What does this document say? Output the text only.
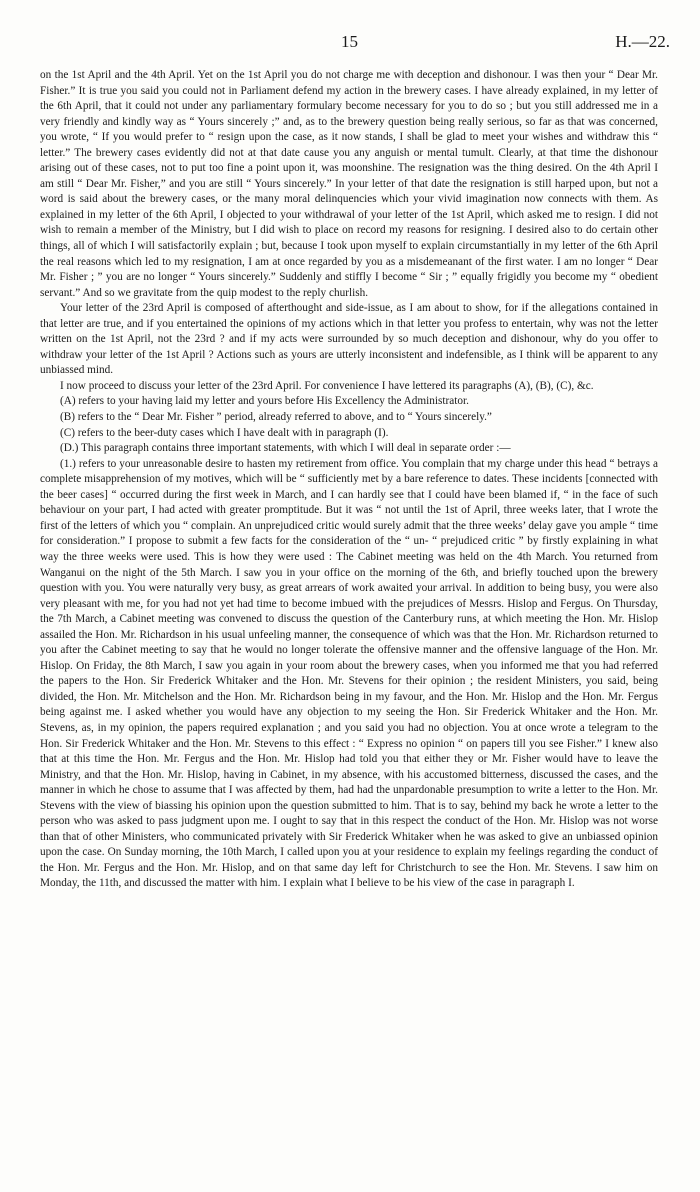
15	H.—22.

on the 1st April and the 4th April. Yet on the 1st April you do not charge me with deception and dishonour. I was then your “ Dear Mr. Fisher.” It is true you said you could not in Parliament defend my action in the brewery cases. I have already explained, in my letter of the 6th April, that it could not under any parliamentary formulary become necessary for you to do so ; but you still addressed me in a very friendly and kindly way as “ Yours sincerely ;” and, as to the brewery question being really serious, so far as that was concerned, you wrote, “ If you would prefer to “ resign upon the case, as it now stands, I shall be glad to meet your wishes and withdraw this “ letter.” The brewery cases evidently did not at that date cause you any anguish or mental tumult. Clearly, at that time the dishonour arising out of these cases, not to put too fine a point upon it, was moonshine. The resignation was the thing desired. On the 4th April I am still “ Dear Mr. Fisher,” and you are still “ Yours sincerely.” In your letter of that date the resignation is still harped upon, but not a word is said about the brewery cases, or the many moral delinquencies which your vivid imagination now connects with them. As explained in my letter of the 6th April, I objected to your withdrawal of your letter of the 1st April, which asked me to resign. I did not wish to remain a member of the Ministry, but I did wish to place on record my reasons for resigning. I desired also to do certain other things, all of which I will satisfactorily explain ; but, because I took upon myself to explain circumstantially in my letter of the 6th April the real reasons which led to my resignation, I am at once regarded by you as a misdemeanant of the first water. I am no longer “ Dear Mr. Fisher ; ” you are no longer “ Yours sincerely.” Suddenly and stiffly I become “ Sir ; ” equally frigidly you become my “ obedient servant.” And so we gravitate from the quip modest to the reply churlish.

Your letter of the 23rd April is composed of afterthought and side-issue, as I am about to show, for if the allegations contained in that letter are true, and if you entertained the opinions of my actions which in that letter you profess to entertain, why was not the letter written on the 1st April, not the 23rd ? and if my acts were surrounded by so much deception and dishonour, why do you offer to withdraw your letter of the 1st April ? Actions such as yours are utterly inconsistent and indefensible, as I think will be apparent to any unbiassed mind.

I now proceed to discuss your letter of the 23rd April. For convenience I have lettered its paragraphs (A), (B), (C), &c.

(A) refers to your having laid my letter and yours before His Excellency the Administrator.

(B) refers to the “ Dear Mr. Fisher ” period, already referred to above, and to “ Yours sincerely.”

(C) refers to the beer-duty cases which I have dealt with in paragraph (I).

(D.) This paragraph contains three important statements, with which I will deal in separate order :—

(1.) refers to your unreasonable desire to hasten my retirement from office. You complain that my charge under this head “ betrays a complete misapprehension of my motives, which will be “ sufficiently met by a bare reference to dates. These incidents [connected with the beer cases] “ occurred during the first week in March, and I can hardly see that I could have been blamed if, “ in the face of such behaviour on your part, I had acted with greater promptitude. But it was “ not until the 1st of April, three weeks later, that I wrote the first of the letters of which you “ complain. An unprejudiced critic would surely admit that the three weeks’ delay gave you ample “ time for consideration.” I propose to submit a few facts for the consideration of the “ un- “ prejudiced critic ” by firstly explaining in what way the three weeks were used. This is how they were used : The Cabinet meeting was held on the 4th March. You returned from Wanganui on the night of the 5th March. I saw you in your office on the morning of the 6th, and briefly touched upon the brewery question with you. You were naturally very busy, as great arrears of work awaited your arrival. In addition to being busy, you were also very pleasant with me, for you had not yet had time to become imbued with the prejudices of Messrs. Hislop and Fergus. On Thursday, the 7th March, a Cabinet meeting was convened to discuss the question of the Canterbury runs, at which meeting the Hon. Mr. Hislop assailed the Hon. Mr. Richardson in his usual unfeeling manner, the consequence of which was that the Hon. Mr. Richardson returned to you after the Cabinet meeting to say that he would no longer tolerate the offensive manner and the offensive language of the Hon. Mr. Hislop. On Friday, the 8th March, I saw you again in your room about the brewery cases, when you informed me that you had referred the papers to the Hon. Sir Frederick Whitaker and the Hon. Mr. Stevens for their opinion ; the resident Ministers, you said, being divided, the Hon. Mr. Mitchelson and the Hon. Mr. Richardson being in my favour, and the Hon. Mr. Hislop and the Hon. Mr. Fergus being against me. I asked whether you would have any objection to my seeing the Hon. Sir Frederick Whitaker and the Hon. Mr. Stevens, as, in my opinion, the papers required explanation ; and you said you had no objection. You at once wrote a telegram to the Hon. Sir Frederick Whitaker and the Hon. Mr. Stevens to this effect : “ Express no opinion “ on papers till you see Fisher.” I knew also that at this time the Hon. Mr. Fergus and the Hon. Mr. Hislop had told you that either they or Mr. Fisher would have to leave the Ministry, and that the Hon. Mr. Hislop, having in Cabinet, in my absence, with his accustomed bitterness, discussed the cases, and the manner in which he chose to assume that I was affected by them, had had the unpardonable presumption to write a letter to the Hon. Mr. Stevens with the view of biassing his opinion upon the question submitted to him. That is to say, behind my back he wrote a letter to the person who was asked to pass judgment upon me. I ought to say that in this respect the conduct of the Hon. Mr. Hislop was not worse than that of other Ministers, who communicated privately with Sir Frederick Whitaker when he was asked to give an unbiassed opinion upon the case. On Sunday morning, the 10th March, I called upon you at your residence to explain my feelings regarding the conduct of the Hon. Mr. Fergus and the Hon. Mr. Hislop, and on that same day left for Christchurch to see the Hon. Mr. Stevens. I saw him on Monday, the 11th, and discussed the matter with him. I explain what I believe to be his view of the case in paragraph I.
